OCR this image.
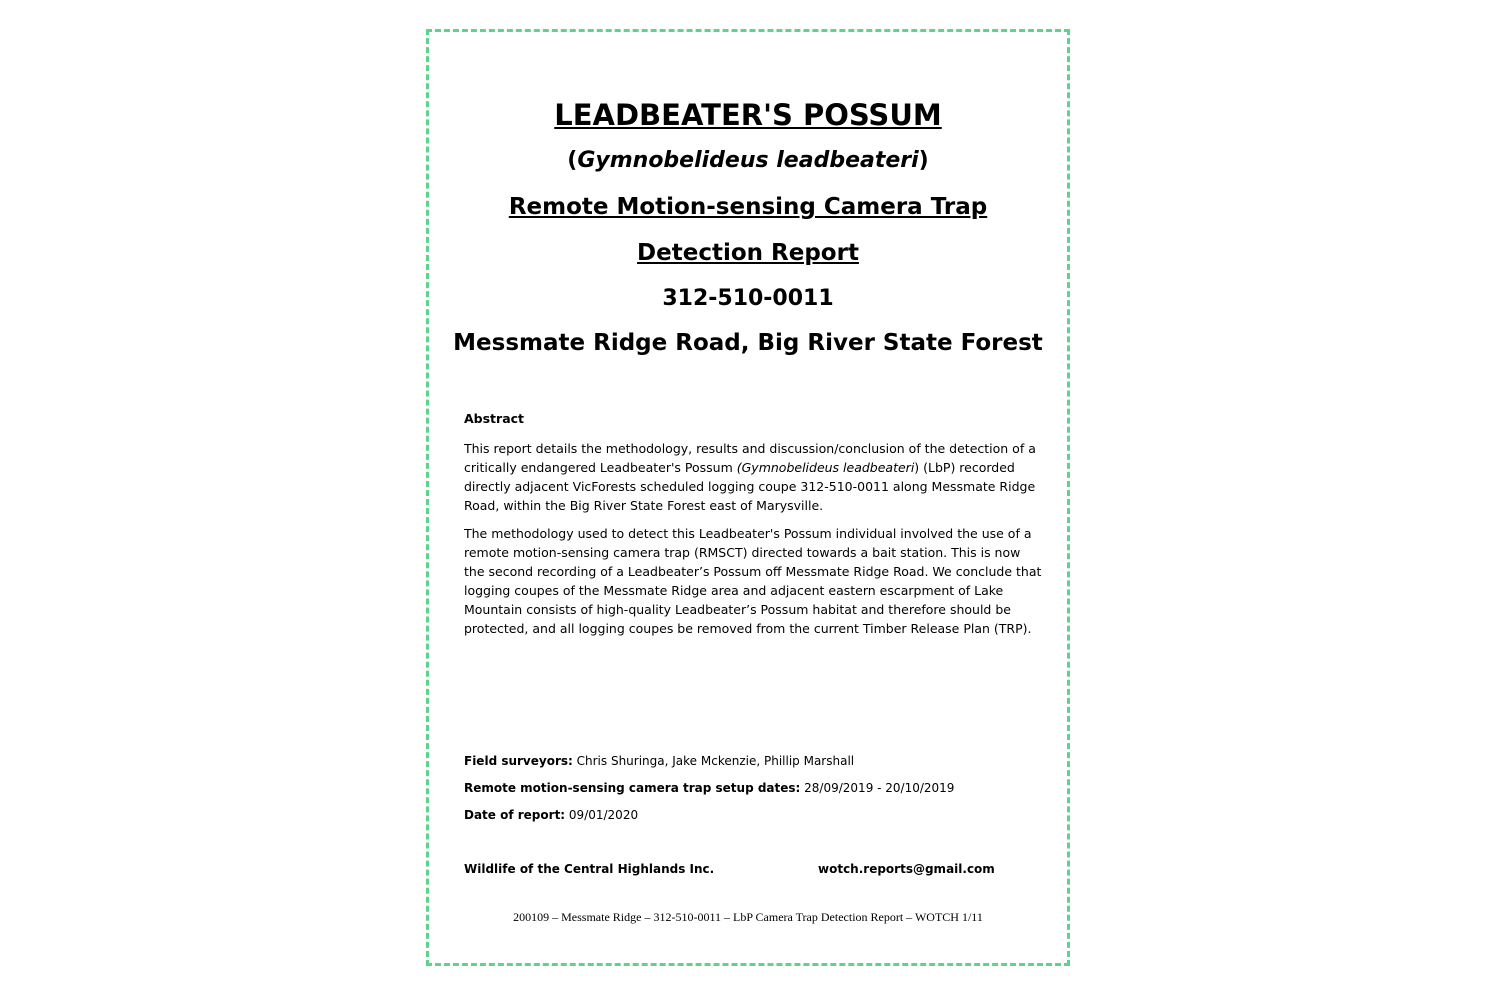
LEADBEATER'S POSSUM
(Gymnobelideus leadbeateri)
Remote Motion-sensing Camera Trap
Detection Report
312-510-0011
Messmate Ridge Road, Big River State Forest
Abstract

This report details the methodology, results and discussion/conclusion of the detection of a critically endangered Leadbeater's Possum (Gymnobelideus leadbeateri) (LbP) recorded directly adjacent VicForests scheduled logging coupe 312-510-0011 along Messmate Ridge Road, within the Big River State Forest east of Marysville.

The methodology used to detect this Leadbeater's Possum individual involved the use of a remote motion-sensing camera trap (RMSCT) directed towards a bait station. This is now the second recording of a Leadbeater’s Possum off Messmate Ridge Road. We conclude that logging coupes of the Messmate Ridge area and adjacent eastern escarpment of Lake Mountain consists of high-quality Leadbeater’s Possum habitat and therefore should be protected, and all logging coupes be removed from the current Timber Release Plan (TRP).

Field surveyors: Chris Shuringa, Jake Mckenzie, Phillip Marshall
Remote motion-sensing camera trap setup dates: 28/09/2019 - 20/10/2019
Date of report: 09/01/2020
Wildlife of the Central Highlands Inc.	wotch.reports@gmail.com
200109 – Messmate Ridge – 312-510-0011 – LbP Camera Trap Detection Report – WOTCH 1/11
